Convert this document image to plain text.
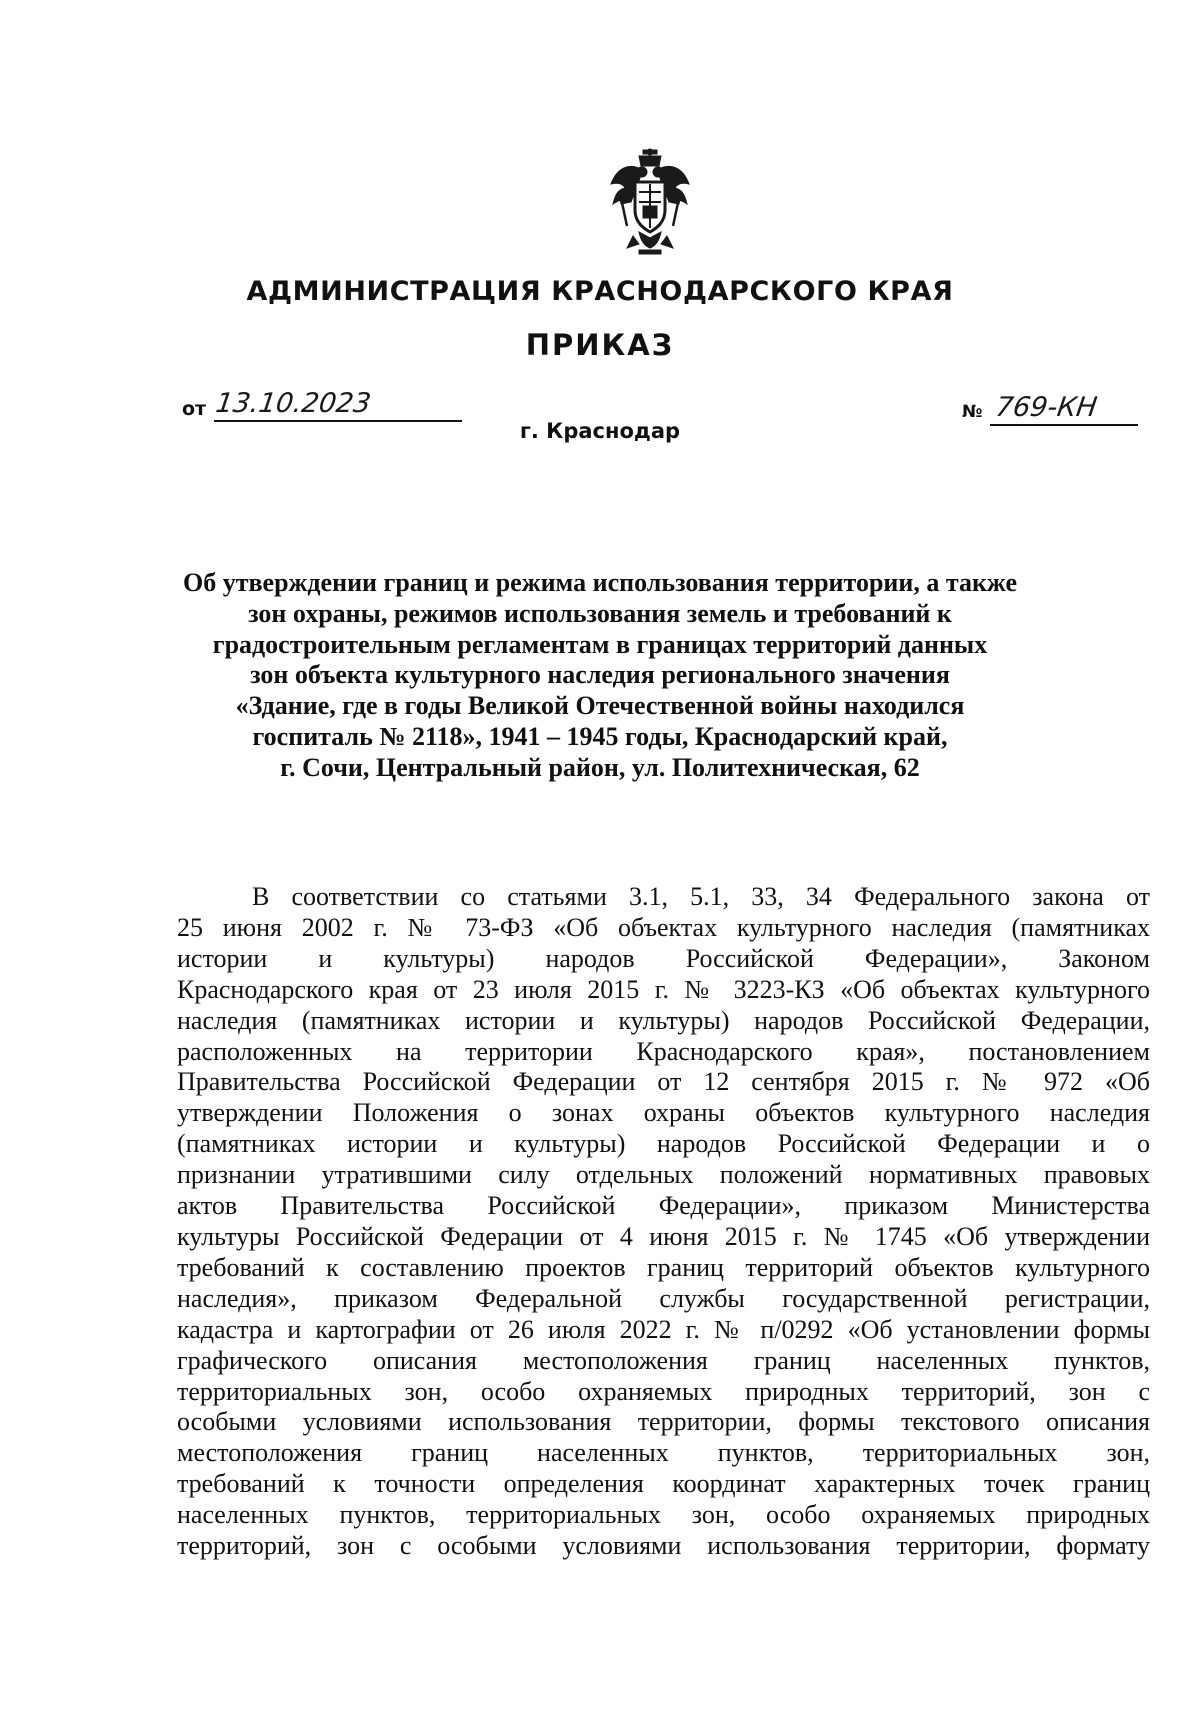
АДМИНИСТРАЦИЯ КРАСНОДАРСКОГО КРАЯ
ПРИКАЗ
от 13.10.2023	№ 769-КН
г. Краснодар
Об утверждении границ и режима использования территории, а также
зон охраны, режимов использования земель и требований к
градостроительным регламентам в границах территорий данных
зон объекта культурного наследия регионального значения
«Здание, где в годы Великой Отечественной войны находился
госпиталь № 2118», 1941 – 1945 годы, Краснодарский край,
г. Сочи, Центральный район, ул. Политехническая, 62
В соответствии со статьями 3.1, 5.1, 33, 34 Федерального закона от
25 июня 2002 г. № 73-ФЗ «Об объектах культурного наследия (памятниках
истории и культуры) народов Российской Федерации», Законом
Краснодарского края от 23 июля 2015 г. № 3223-КЗ «Об объектах культурного
наследия (памятниках истории и культуры) народов Российской Федерации,
расположенных на территории Краснодарского края», постановлением
Правительства Российской Федерации от 12 сентября 2015 г. № 972 «Об
утверждении Положения о зонах охраны объектов культурного наследия
(памятниках истории и культуры) народов Российской Федерации и о
признании утратившими силу отдельных положений нормативных правовых
актов Правительства Российской Федерации», приказом Министерства
культуры Российской Федерации от 4 июня 2015 г. № 1745 «Об утверждении
требований к составлению проектов границ территорий объектов культурного
наследия», приказом Федеральной службы государственной регистрации,
кадастра и картографии от 26 июля 2022 г. № п/0292 «Об установлении формы
графического описания местоположения границ населенных пунктов,
территориальных зон, особо охраняемых природных территорий, зон с
особыми условиями использования территории, формы текстового описания
местоположения границ населенных пунктов, территориальных зон,
требований к точности определения координат характерных точек границ
населенных пунктов, территориальных зон, особо охраняемых природных
территорий, зон с особыми условиями использования территории, формату
